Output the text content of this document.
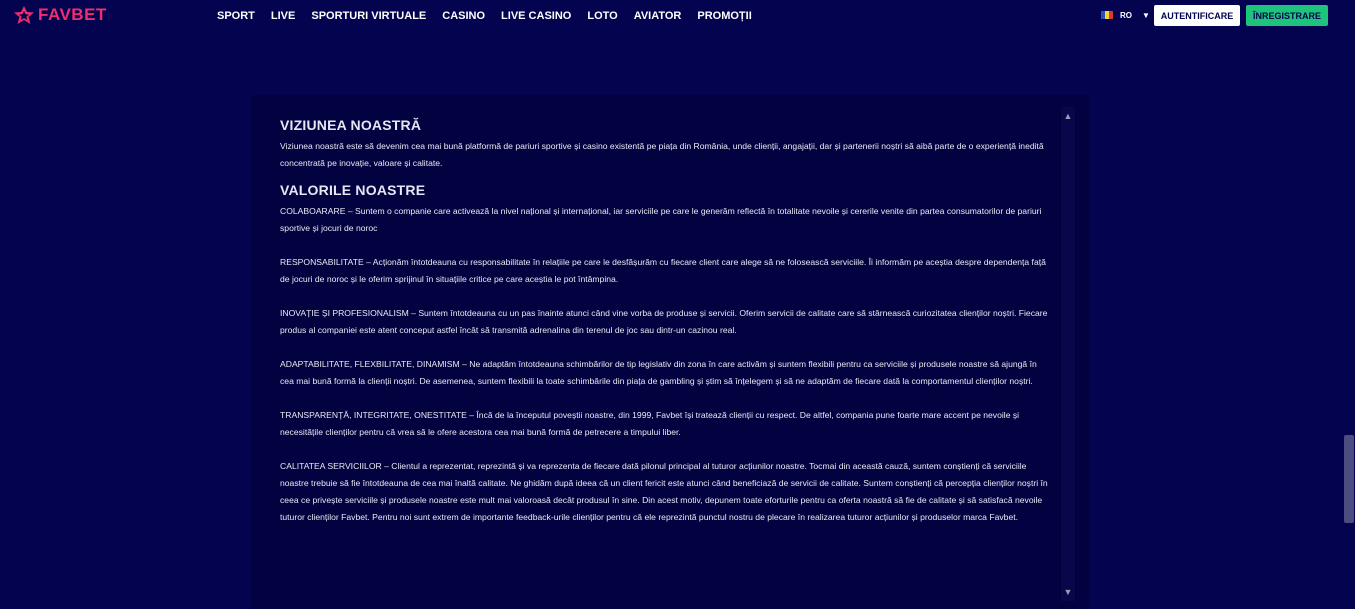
FAVBET	SPORT LIVE SPORTURI VIRTUALE CASINO LIVE CASINO LOTO AVIATOR PROMOȚII	RO ▼	AUTENTIFICARE	ÎNREGISTRARE
VIZIUNEA NOASTRĂ

Viziunea noastră este să devenim cea mai bună platformă de pariuri sportive și casino existentă pe piața din România, unde clienții, angajații, dar și partenerii noștri să aibă parte de o experiență inedită concentrată pe inovație, valoare și calitate.

VALORILE NOASTRE

COLABOARARE – Suntem o companie care activează la nivel național și internațional, iar serviciile pe care le generăm reflectă în totalitate nevoile și cererile venite din partea consumatorilor de pariuri sportive și jocuri de noroc

RESPONSABILITATE – Acționăm întotdeauna cu responsabilitate în relațiile pe care le desfășurăm cu fiecare client care alege să ne folosească serviciile. Îi informăm pe aceștia despre dependența față de jocuri de noroc și le oferim sprijinul în situațiile critice pe care aceștia le pot întâmpina.

INOVAȚIE ȘI PROFESIONALISM – Suntem întotdeauna cu un pas înainte atunci când vine vorba de produse și servicii. Oferim servicii de calitate care să stârnească curiozitatea clienților noștri. Fiecare produs al companiei este atent conceput astfel încât să transmită adrenalina din terenul de joc sau dintr-un cazinou real.

ADAPTABILITATE, FLEXBILITATE, DINAMISM – Ne adaptăm întotdeauna schimbărilor de tip legislativ din zona în care activăm și suntem flexibili pentru ca serviciile și produsele noastre să ajungă în cea mai bună formă la clienții noștri. De asemenea, suntem flexibili la toate schimbările din piața de gambling și știm să înțelegem și să ne adaptăm de fiecare dată la comportamentul clienților noștri.

TRANSPARENȚĂ, INTEGRITATE, ONESTITATE – Încă de la începutul poveștii noastre, din 1999, Favbet își tratează clienții cu respect. De altfel, compania pune foarte mare accent pe nevoile și necesitățile clienților pentru că vrea să le ofere acestora cea mai bună formă de petrecere a timpului liber.

CALITATEA SERVICIILOR – Clientul a reprezentat, reprezintă și va reprezenta de fiecare dată pilonul principal al tuturor acțiunilor noastre. Tocmai din această cauză, suntem conștienți că serviciile noastre trebuie să fie întotdeauna de cea mai înaltă calitate. Ne ghidăm după ideea că un client fericit este atunci când beneficiază de servicii de calitate. Suntem conștienți că percepția clienților noștri în ceea ce privește serviciile și produsele noastre este mult mai valoroasă decât produsul în sine. Din acest motiv, depunem toate eforturile pentru ca oferta noastră să fie de calitate și să satisfacă nevoile tuturor clienților Favbet. Pentru noi sunt extrem de importante feedback-urile clienților pentru că ele reprezintă punctul nostru de plecare în realizarea tuturor acțiunilor și produselor marca Favbet.

▲
▼
